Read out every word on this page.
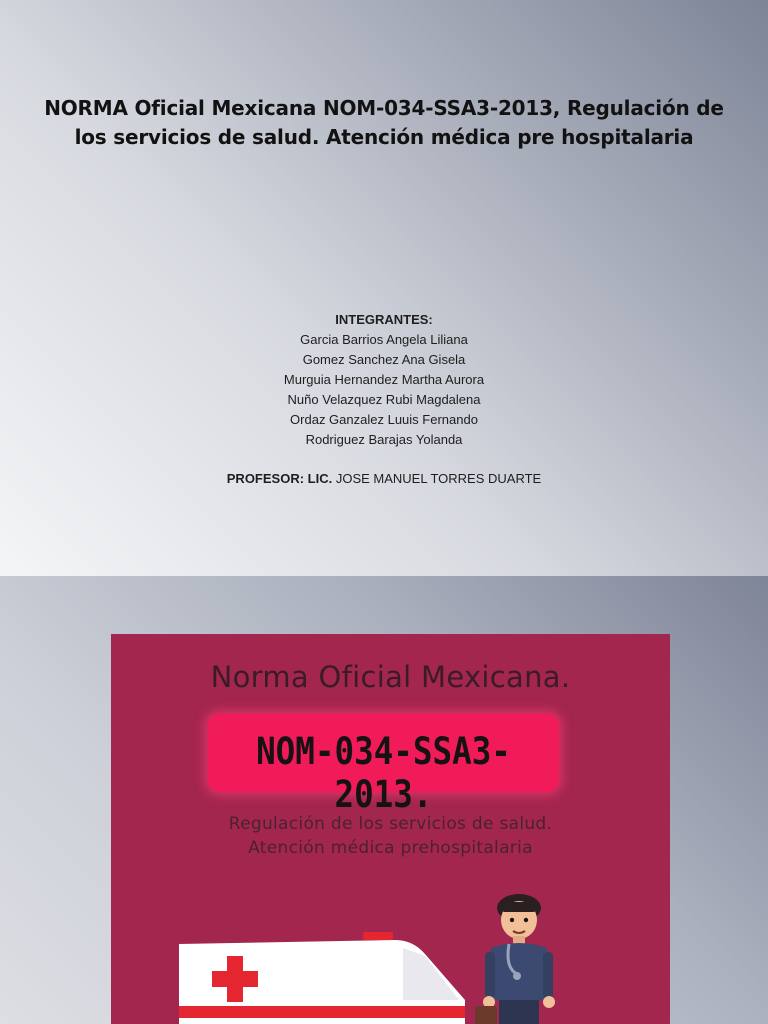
NORMA Oficial Mexicana NOM-034-SSA3-2013, Regulación de los servicios de salud. Atención médica pre hospitalaria
INTEGRANTES:
Garcia Barrios Angela Liliana
Gomez Sanchez Ana Gisela
Murguia Hernandez Martha Aurora
Nuño Velazquez Rubi Magdalena
Ordaz Ganzalez Luuis Fernando
Rodriguez Barajas Yolanda
PROFESOR: LIC. JOSE MANUEL TORRES DUARTE
Norma Oficial Mexicana.
NOM-034-SSA3-2013.
Regulación de los servicios de salud.
Atención médica prehospitalaria
